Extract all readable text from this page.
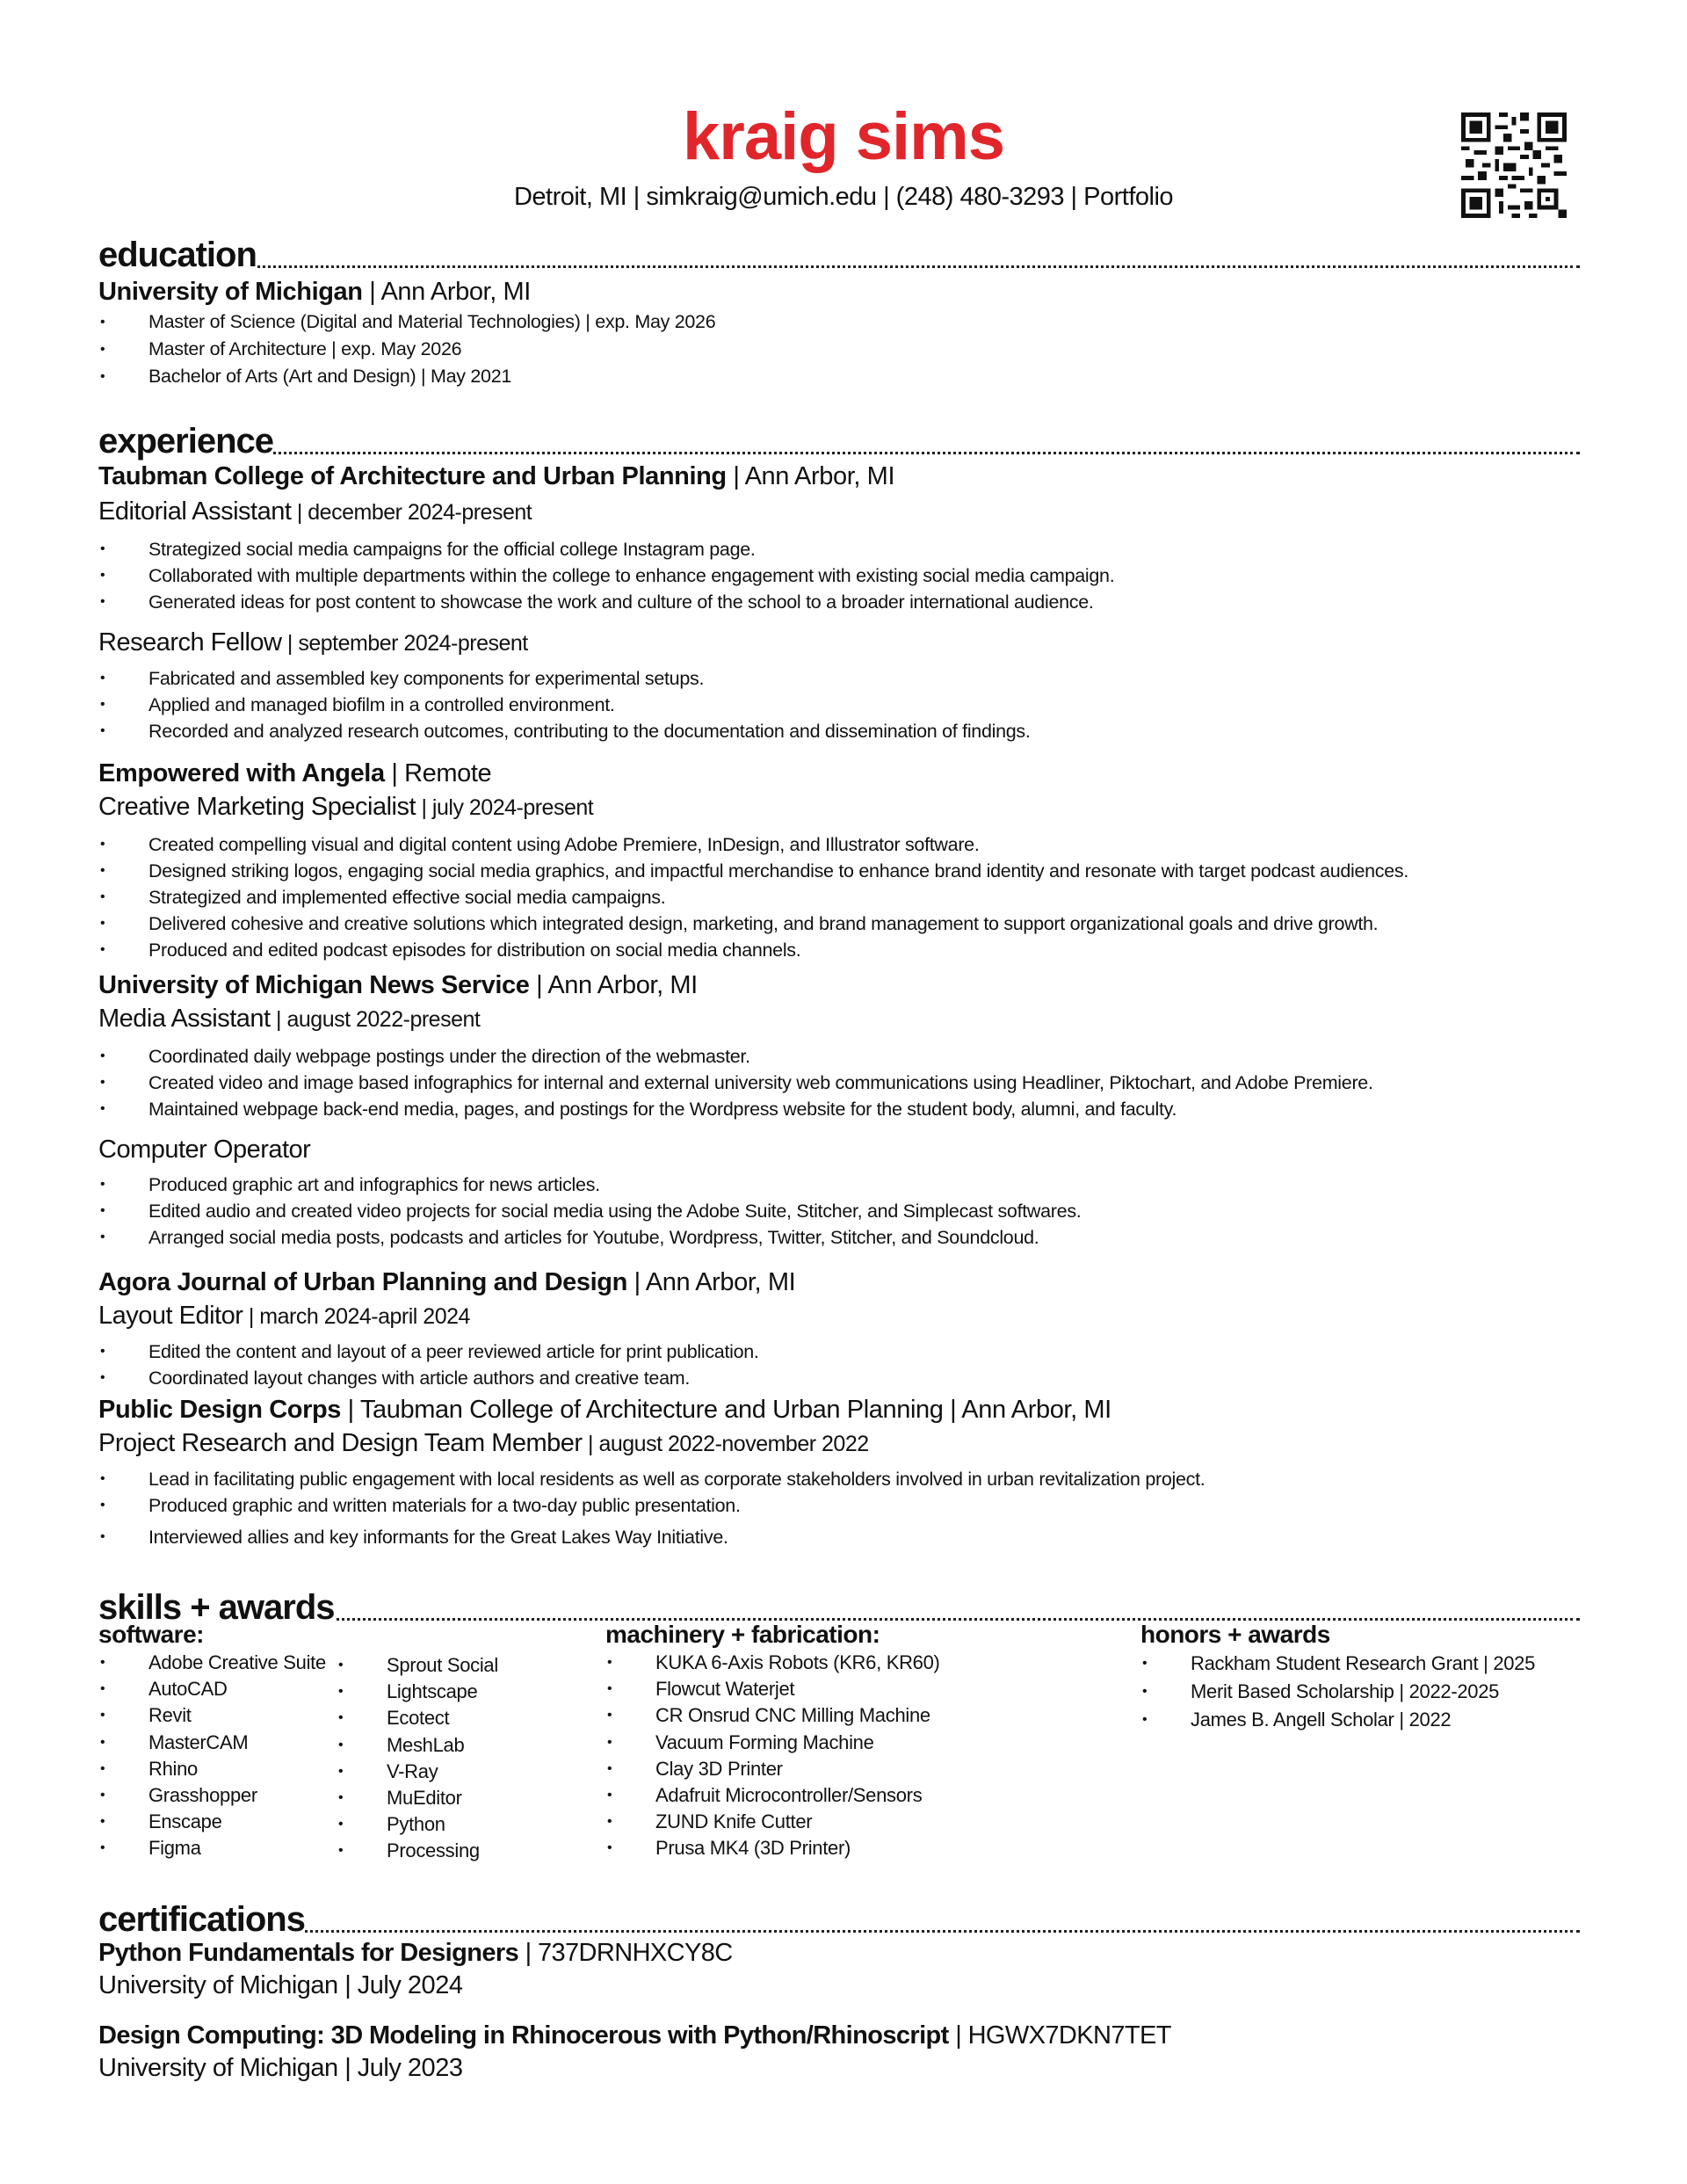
kraig sims
Detroit, MI | simkraig@umich.edu | (248) 480-3293 | Portfolio
education
University of Michigan | Ann Arbor, MI
• Master of Science (Digital and Material Technologies) | exp. May 2026
• Master of Architecture | exp. May 2026
• Bachelor of Arts (Art and Design) | May 2021
experience
Taubman College of Architecture and Urban Planning | Ann Arbor, MI
Editorial Assistant | december 2024-present
• Strategized social media campaigns for the official college Instagram page.
• Collaborated with multiple departments within the college to enhance engagement with existing social media campaign.
• Generated ideas for post content to showcase the work and culture of the school to a broader international audience.
Research Fellow | september 2024-present
• Fabricated and assembled key components for experimental setups.
• Applied and managed biofilm in a controlled environment.
• Recorded and analyzed research outcomes, contributing to the documentation and dissemination of findings.
Empowered with Angela | Remote
Creative Marketing Specialist | july 2024-present
• Created compelling visual and digital content using Adobe Premiere, InDesign, and Illustrator software.
• Designed striking logos, engaging social media graphics, and impactful merchandise to enhance brand identity and resonate with target podcast audiences.
• Strategized and implemented effective social media campaigns.
• Delivered cohesive and creative solutions which integrated design, marketing, and brand management to support organizational goals and drive growth.
• Produced and edited podcast episodes for distribution on social media channels.
University of Michigan News Service | Ann Arbor, MI
Media Assistant | august 2022-present
• Coordinated daily webpage postings under the direction of the webmaster.
• Created video and image based infographics for internal and external university web communications using Headliner, Piktochart, and Adobe Premiere.
• Maintained webpage back-end media, pages, and postings for the Wordpress website for the student body, alumni, and faculty.
Computer Operator
• Produced graphic art and infographics for news articles.
• Edited audio and created video projects for social media using the Adobe Suite, Stitcher, and Simplecast softwares.
• Arranged social media posts, podcasts and articles for Youtube, Wordpress, Twitter, Stitcher, and Soundcloud.
Agora Journal of Urban Planning and Design | Ann Arbor, MI
Layout Editor | march 2024-april 2024
• Edited the content and layout of a peer reviewed article for print publication.
• Coordinated layout changes with article authors and creative team.
Public Design Corps | Taubman College of Architecture and Urban Planning | Ann Arbor, MI
Project Research and Design Team Member | august 2022-november 2022
• Lead in facilitating public engagement with local residents as well as corporate stakeholders involved in urban revitalization project.
• Produced graphic and written materials for a two-day public presentation.
• Interviewed allies and key informants for the Great Lakes Way Initiative.
skills + awards
software:
• Adobe Creative Suite
• AutoCAD
• Revit
• MasterCAM
• Rhino
• Grasshopper
• Enscape
• Figma
• Sprout Social
• Lightscape
• Ecotect
• MeshLab
• V-Ray
• MuEditor
• Python
• Processing
machinery + fabrication:
• KUKA 6-Axis Robots (KR6, KR60)
• Flowcut Waterjet
• CR Onsrud CNC Milling Machine
• Vacuum Forming Machine
• Clay 3D Printer
• Adafruit Microcontroller/Sensors
• ZUND Knife Cutter
• Prusa MK4 (3D Printer)
honors + awards
• Rackham Student Research Grant | 2025
• Merit Based Scholarship | 2022-2025
• James B. Angell Scholar | 2022
certifications
Python Fundamentals for Designers | 737DRNHXCY8C
University of Michigan | July 2024
Design Computing: 3D Modeling in Rhinocerous with Python/Rhinoscript | HGWX7DKN7TET
University of Michigan | July 2023
